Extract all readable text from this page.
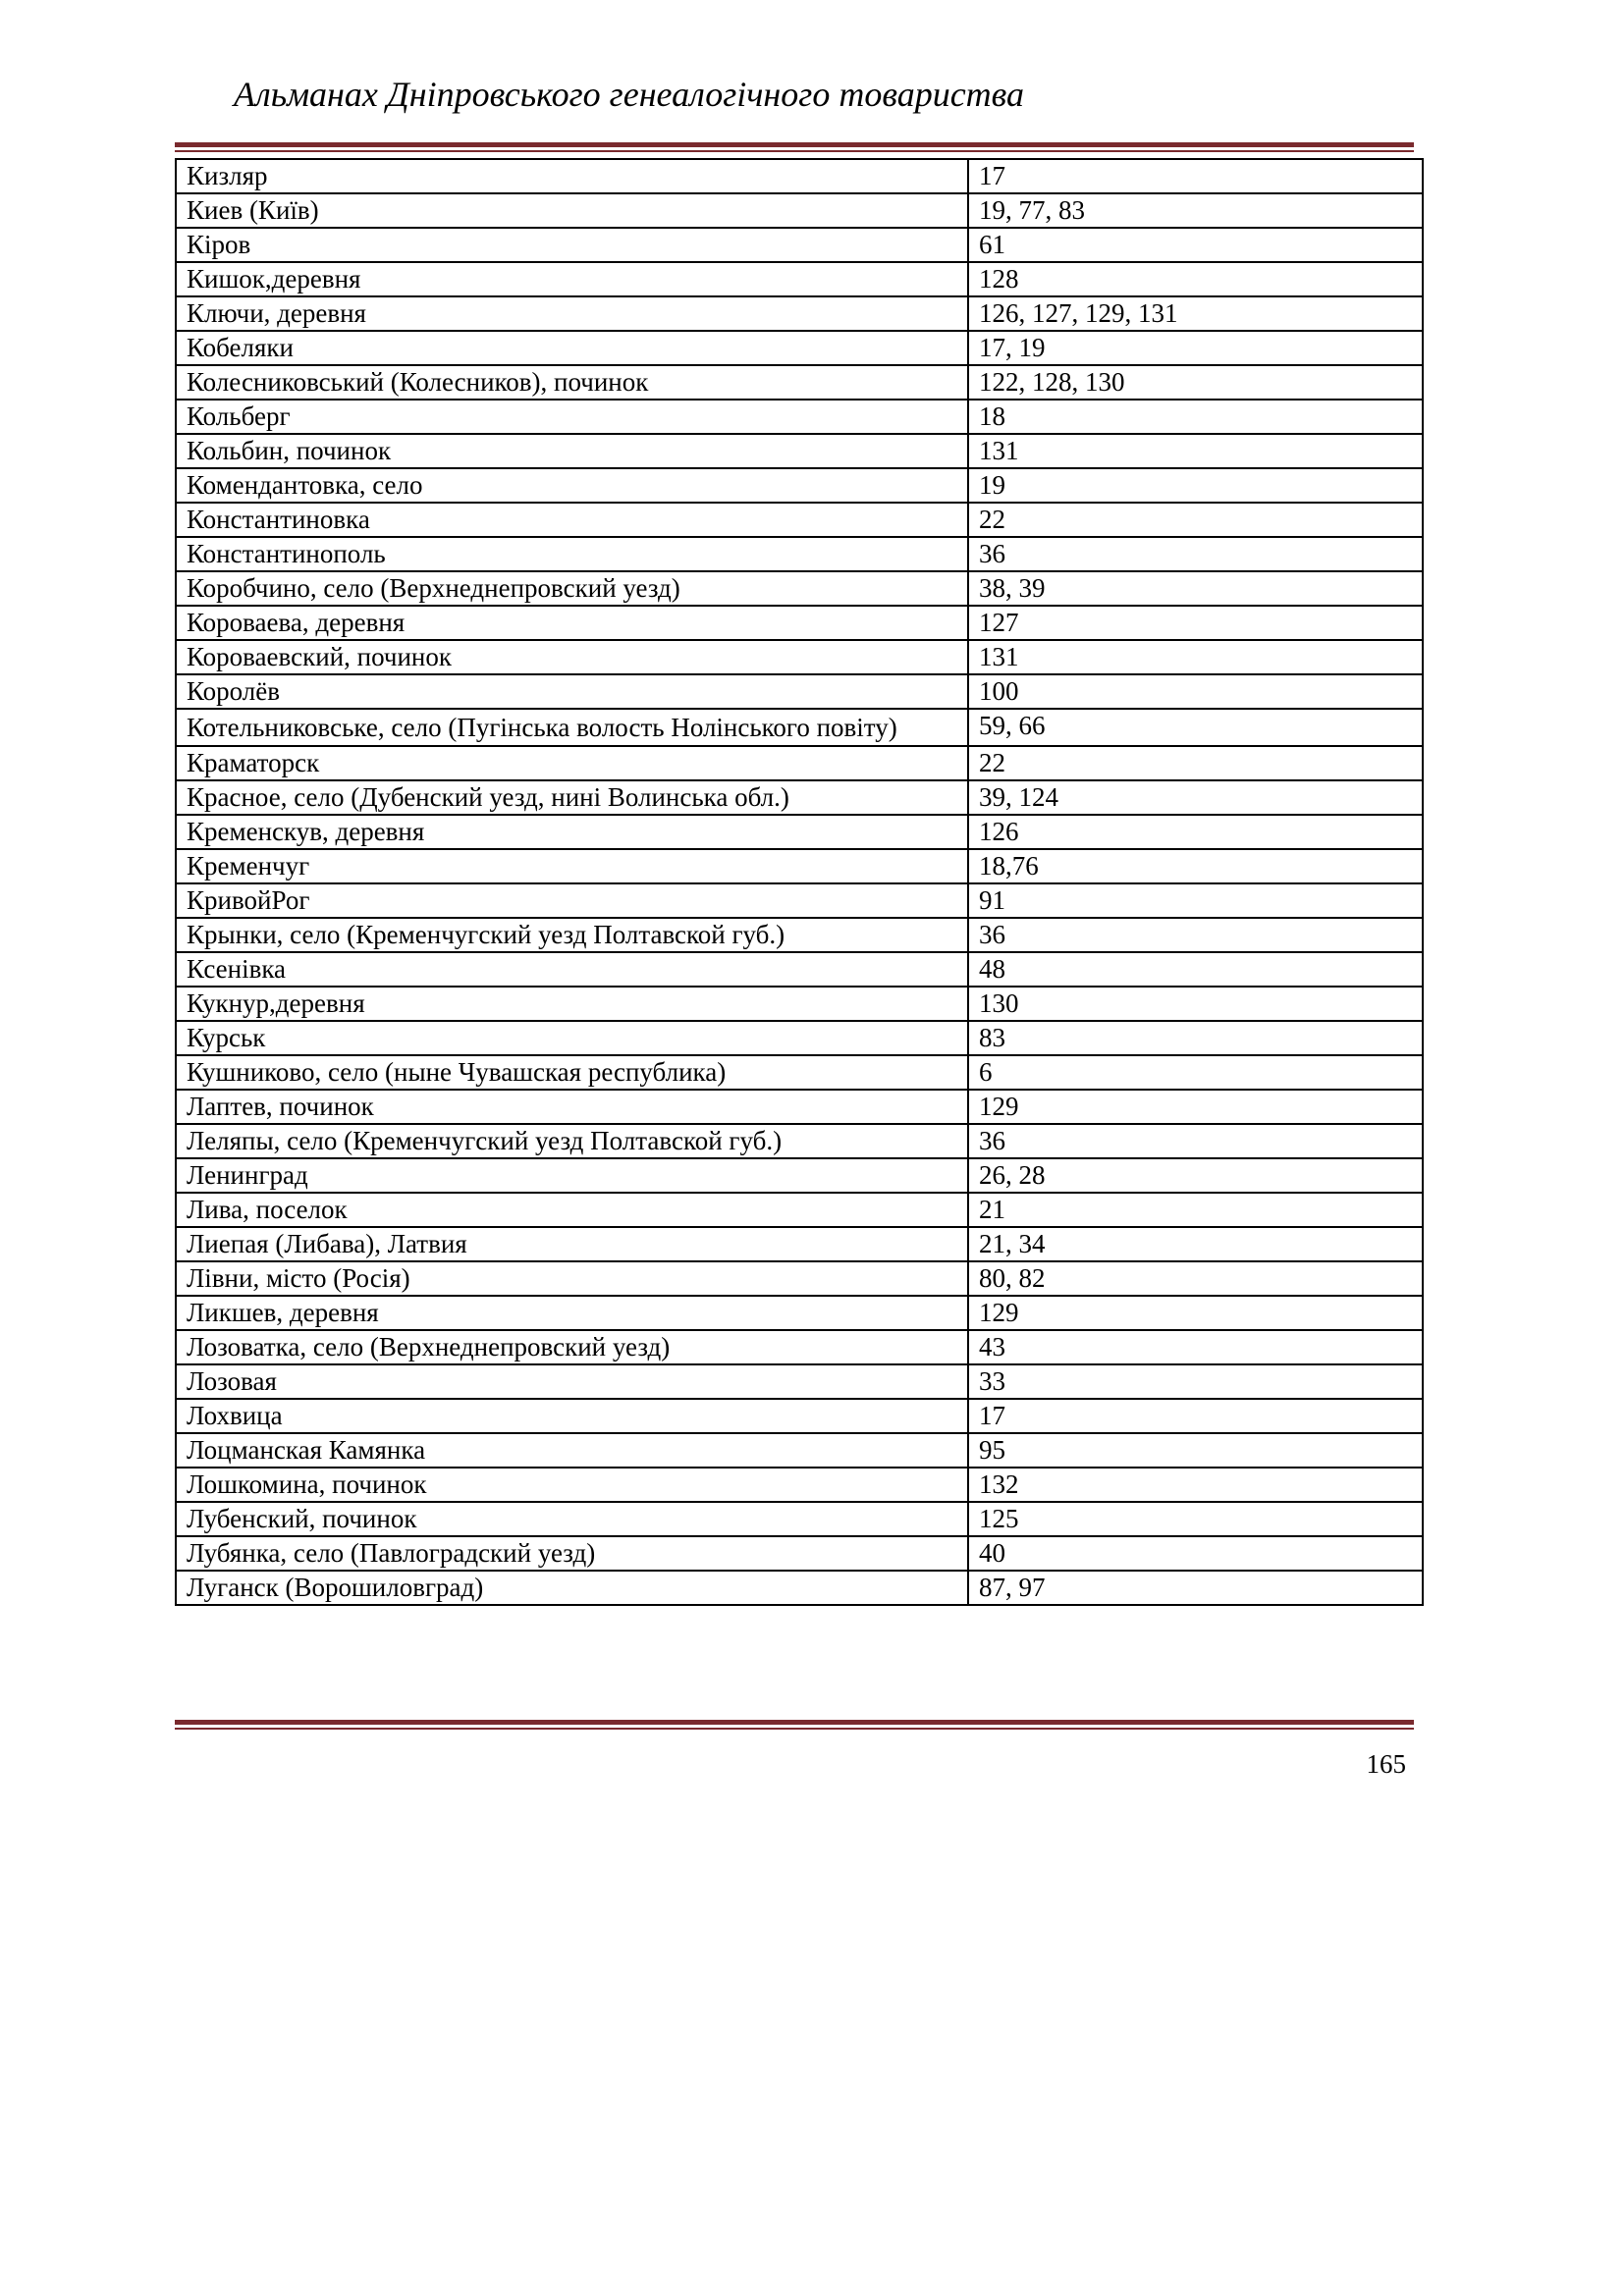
Альманах Дніпровського генеалогічного товариства
Кизляр	17
Киев (Київ)	19, 77, 83
Кіров	61
Кишок,деревня	128
Ключи, деревня	126, 127, 129, 131
Кобеляки	17, 19
Колесниковський (Колесников), починок	122, 128, 130
Кольберг	18
Кольбин, починок	131
Комендантовка, село	19
Константиновка	22
Константинополь	36
Коробчино, село (Верхнеднепровский уезд)	38, 39
Короваева, деревня	127
Короваевский, починок	131
Королёв	100
Котельниковське, село (Пугінська волость Нолінського повіту)	59, 66
Краматорск	22
Красное, село (Дубенский уезд, нині Волинська обл.)	39, 124
Кременскув, деревня	126
Кременчуг	18,76
КривойРог	91
Крынки, село (Кременчугский уезд Полтавской губ.)	36
Ксенівка	48
Кукнур,деревня	130
Курськ	83
Кушниково, село (ныне Чувашская республика)	6
Лаптев, починок	129
Леляпы, село (Кременчугский уезд Полтавской губ.)	36
Ленинград	26, 28
Лива, поселок	21
Лиепая (Либава), Латвия	21, 34
Лівни, місто (Росія)	80, 82
Ликшев, деревня	129
Лозоватка, село (Верхнеднепровский уезд)	43
Лозовая	33
Лохвица	17
Лоцманская Камянка	95
Лошкомина, починок	132
Лубенский, починок	125
Лубянка, село (Павлоградский уезд)	40
Луганск (Ворошиловград)	87, 97
165
